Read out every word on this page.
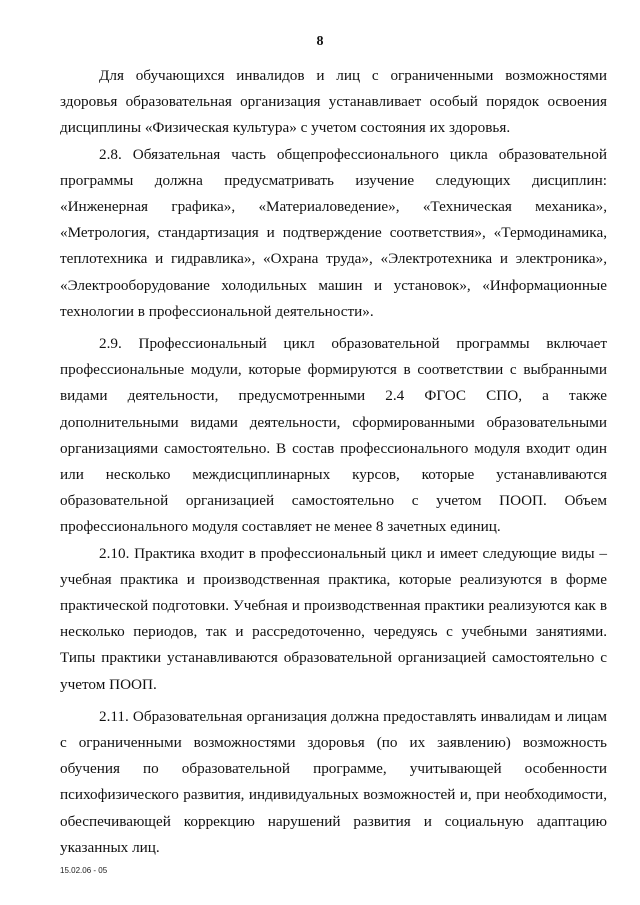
8

Для обучающихся инвалидов и лиц с ограниченными возможностями здоровья образовательная организация устанавливает особый порядок освоения дисциплины «Физическая культура» с учетом состояния их здоровья.

2.8. Обязательная часть общепрофессионального цикла образовательной программы должна предусматривать изучение следующих дисциплин: «Инженерная графика», «Материаловедение», «Техническая механика», «Метрология, стандартизация и подтверждение соответствия», «Термодинамика, теплотехника и гидравлика», «Охрана труда», «Электротехника и электроника», «Электрооборудование холодильных машин и установок», «Информационные технологии в профессиональной деятельности».

2.9. Профессиональный цикл образовательной программы включает профессиональные модули, которые формируются в соответствии с выбранными видами деятельности, предусмотренными 2.4 ФГОС СПО, а также дополнительными видами деятельности, сформированными образовательными организациями самостоятельно. В состав профессионального модуля входит один или несколько междисциплинарных курсов, которые устанавливаются образовательной организацией самостоятельно с учетом ПООП. Объем профессионального модуля составляет не менее 8 зачетных единиц.

2.10. Практика входит в профессиональный цикл и имеет следующие виды – учебная практика и производственная практика, которые реализуются в форме практической подготовки. Учебная и производственная практики реализуются как в несколько периодов, так и рассредоточенно, чередуясь с учебными занятиями. Типы практики устанавливаются образовательной организацией самостоятельно с учетом ПООП.

2.11. Образовательная организация должна предоставлять инвалидам и лицам с ограниченными возможностями здоровья (по их заявлению) возможность обучения по образовательной программе, учитывающей особенности психофизического развития, индивидуальных возможностей и, при необходимости, обеспечивающей коррекцию нарушений развития и социальную адаптацию указанных лиц.

15.02.06 - 05
